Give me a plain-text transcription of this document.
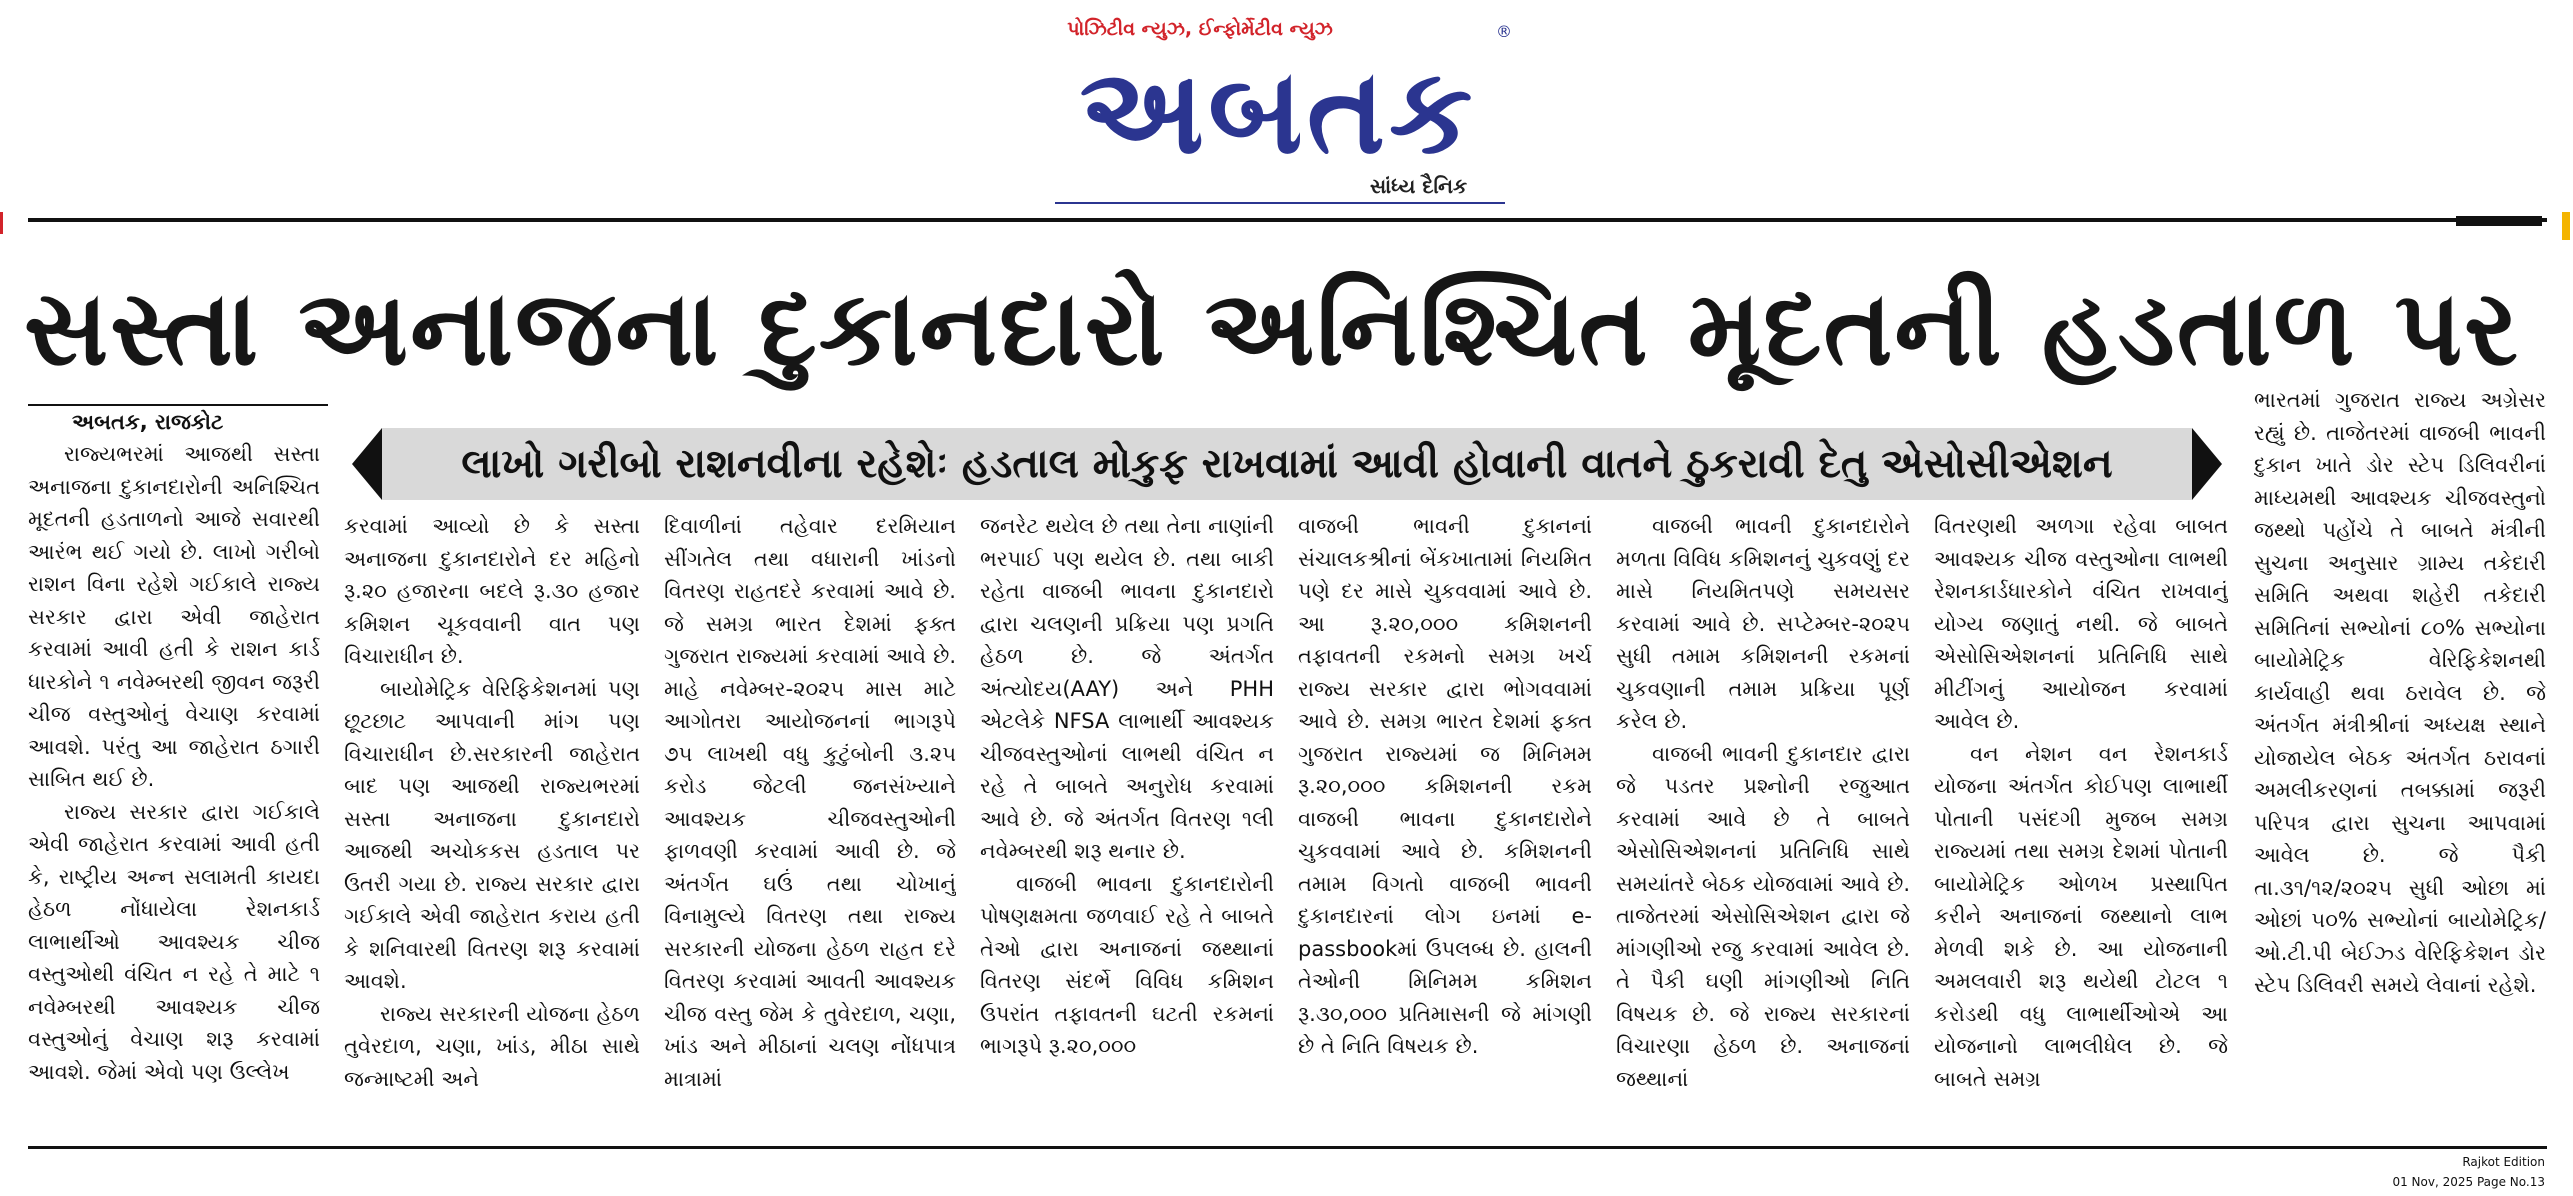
પોઝિટીવ ન્યુઝ, ઈન્ફોર્મેટીવ ન્યુઝ
અબતક
®
સાંધ્ય દૈનિક
સસ્તા અનાજના દુકાનદારો અનિશ્ચિત મૂદતની હડતાળ પર
અબતક, રાજકોટ
લાખો ગરીબો રાશનવીના રહેશેઃ હડતાલ મોકુફ રાખવામાં આવી હોવાની વાતને ઠુકરાવી દેતુ એસોસીએશન

રાજ્યભરમાં આજથી સસ્તા અનાજના દુકાનદારોની અનિશ્ચિત મૂદતની હડતાળનો આજે સવારથી આરંભ થઈ ગયો છે. લાખો ગરીબો રાશન વિના રહેશે ગઈકાલે રાજ્ય સરકાર દ્વારા એવી જાહેરાત કરવામાં આવી હતી કે રાશન કાર્ડ ધારકોને ૧ નવેમ્બરથી જીવન જરૂરી ચીજ વસ્તુઓનું વેચાણ કરવામાં આવશે. પરંતુ આ જાહેરાત ઠગારી સાબિત થઈ છે.

રાજ્ય સરકાર દ્વારા ગઈકાલે એવી જાહેરાત કરવામાં આવી હતી કે, રાષ્ટ્રીય અન્ન સલામતી કાયદા હેઠળ નોંધાયેલા રેશનકાર્ડ લાભાર્થીઓ આવશ્યક ચીજ વસ્તુઓથી વંચિત ન રહે તે માટે ૧ નવેમ્બરથી આવશ્યક ચીજ વસ્તુઓનું વેચાણ શરૂ કરવામાં આવશે. જેમાં એવો પણ ઉલ્લેખ

કરવામાં આવ્યો છે કે સસ્તા અનાજના દુકાનદારોને દર મહિનો રૂ.૨૦ હજારના બદલે રૂ.૩૦ હજાર કમિશન ચૂકવવાની વાત પણ વિચારાધીન છે.

બાયોમેટ્રિક વેરિફિકેશનમાં પણ છૂટછાટ આપવાની માંગ પણ વિચારાધીન છે.સરકારની જાહેરાત બાદ પણ આજથી રાજ્યભરમાં સસ્તા અનાજના દુકાનદારો આજથી અચોકકસ હડતાલ પર ઉતરી ગયા છે. રાજ્ય સરકાર દ્વારા ગઈકાલે એવી જાહેરાત કરાય હતી કે શનિવારથી વિતરણ શરૂ કરવામાં આવશે.

રાજ્ય સરકારની યોજના હેઠળ તુવેરદાળ, ચણા, ખાંડ, મીઠા સાથે જન્માષ્ટમી અને

દિવાળીનાં તહેવાર દરમિયાન સીંગતેલ તથા વધારાની ખાંડનો વિતરણ રાહતદરે કરવામાં આવે છે. જે સમગ્ર ભારત દેશમાં ફક્ત ગુજરાત રાજ્યમાં કરવામાં આવે છે. માહે નવેમ્બર-૨૦૨૫ માસ માટે આગોતરા આયોજનનાં ભાગરૂપે ૭૫ લાખથી વધુ કુટુંબોની ૩.૨૫ કરોડ જેટલી જનસંખ્યાને આવશ્યક ચીજવસ્તુઓની ફાળવણી કરવામાં આવી છે. જે અંતર્ગત ઘઉં તથા ચોખાનું વિનામુલ્યે વિતરણ તથા રાજ્ય સરકારની યોજના હેઠળ રાહત દરે વિતરણ કરવામાં આવતી આવશ્યક ચીજ વસ્તુ જેમ કે તુવેરદાળ, ચણા, ખાંડ અને મીઠાનાં ચલણ નોંધપાત્ર માત્રામાં

જનરેટ થયેલ છે તથા તેના નાણાંની ભરપાઈ પણ થયેલ છે. તથા બાકી રહેતા વાજબી ભાવના દુકાનદારો દ્વારા ચલણની પ્રક્રિયા પણ પ્રગતિ હેઠળ છે. જે અંતર્ગત અંત્યોદય(AAY) અને PHH એટલેકે NFSA લાભાર્થી આવશ્યક ચીજવસ્તુઓનાં લાભથી વંચિત ન રહે તે બાબતે અનુરોધ કરવામાં આવે છે. જે અંતર્ગત વિતરણ ૧લી નવેમ્બરથી શરૂ થનાર છે.

વાજબી ભાવના દુકાનદારોની પોષણક્ષમતા જળવાઈ રહે તે બાબતે તેઓ દ્વારા અનાજનાં જથ્થાનાં વિતરણ સંદર્ભે વિવિધ કમિશન ઉપરાંત તફાવતની ઘટતી રકમનાં ભાગરૂપે રૂ.૨૦,૦૦૦

વાજબી ભાવની દુકાનનાં સંચાલકશ્રીનાં બેંકખાતામાં નિયમિત પણે દર માસે ચુકવવામાં આવે છે. આ રૂ.૨૦,૦૦૦ કમિશનની તફાવતની રકમનો સમગ્ર ખર્ચ રાજ્ય સરકાર દ્વારા ભોગવવામાં આવે છે. સમગ્ર ભારત દેશમાં ફક્ત ગુજરાત રાજ્યમાં જ મિનિમમ રૂ.૨૦,૦૦૦ કમિશનની રકમ વાજબી ભાવના દુકાનદારોને ચુકવવામાં આવે છે. કમિશનની તમામ વિગતો વાજબી ભાવની દુકાનદારનાં લોગ ઇનમાં e-passbookમાં ઉપલબ્ધ છે. હાલની તેઓની મિનિમમ કમિશન રૂ.૩૦,૦૦૦ પ્રતિમાસની જે માંગણી છે તે નિતિ વિષયક છે.

વાજબી ભાવની દુકાનદારોને મળતા વિવિધ કમિશનનું ચુકવણું દર માસે નિયમિતપણે સમયસર કરવામાં આવે છે. સપ્ટેમ્બર-૨૦૨૫ સુધી તમામ કમિશનની રકમનાં ચુકવણાની તમામ પ્રક્રિયા પૂર્ણ કરેલ છે.

વાજબી ભાવની દુકાનદાર દ્વારા જે પડતર પ્રશ્નોની રજુઆત કરવામાં આવે છે તે બાબતે એસોસિએશનનાં પ્રતિનિધિ સાથે સમયાંતરે બેઠક યોજવામાં આવે છે. તાજેતરમાં એસોસિએશન દ્વારા જે માંગણીઓ રજુ કરવામાં આવેલ છે. તે પૈકી ઘણી માંગણીઓ નિતિ વિષયક છે. જે રાજ્ય સરકારનાં વિચારણા હેઠળ છે. અનાજનાં જથ્થાનાં

વિતરણથી અળગા રહેવા બાબત આવશ્યક ચીજ વસ્તુઓના લાભથી રેશનકાર્ડધારકોને વંચિત રાખવાનું યોગ્ય જણાતું નથી. જે બાબતે એસોસિએશનનાં પ્રતિનિધિ સાથે મીટીંગનું આયોજન કરવામાં આવેલ છે.

વન નેશન વન રેશનકાર્ડ યોજના અંતર્ગત કોઈપણ લાભાર્થી પોતાની પસંદગી મુજબ સમગ્ર રાજ્યમાં તથા સમગ્ર દેશમાં પોતાની બાયોમેટ્રિક ઓળખ પ્રસ્થાપિત કરીને અનાજનાં જથ્થાનો લાભ મેળવી શકે છે. આ યોજનાની અમલવારી શરૂ થયેથી ટોટલ ૧ કરોડથી વધુ લાભાર્થીઓએ આ યોજનાનો લાભલીધેલ છે. જે બાબતે સમગ્ર

ભારતમાં ગુજરાત રાજ્ય અગ્રેસર રહ્યું છે. તાજેતરમાં વાજબી ભાવની દુકાન ખાતે ડોર સ્ટેપ ડિલિવરીનાં માધ્યમથી આવશ્યક ચીજવસ્તુનો જથ્થો પહોંચે તે બાબતે મંત્રીની સુચના અનુસાર ગ્રામ્ય તકેદારી સમિતિ અથવા શહેરી તકેદારી સમિતિનાં સભ્યોનાં ૮૦% સભ્યોના બાયોમેટ્રિક વેરિફિકેશનથી કાર્યવાહી થવા ઠરાવેલ છે. જે અંતર્ગત મંત્રીશ્રીનાં અધ્યક્ષ સ્થાને યોજાયેલ બેઠક અંતર્ગત ઠરાવનાં અમલીકરણનાં તબક્કામાં જરૂરી પરિપત્ર દ્વારા સુચના આપવામાં આવેલ છે. જે પૈકી તા.૩૧/૧૨/૨૦૨૫ સુધી ઓછા માં ઓછાં ૫૦% સભ્યોનાં બાયોમેટ્રિક/ઓ.ટી.પી બેઈઝ્ડ વેરિફિકેશન ડોર સ્ટેપ ડિલિવરી સમયે લેવાનાં રહેશે.

Rajkot Edition
01 Nov, 2025 Page No.13
